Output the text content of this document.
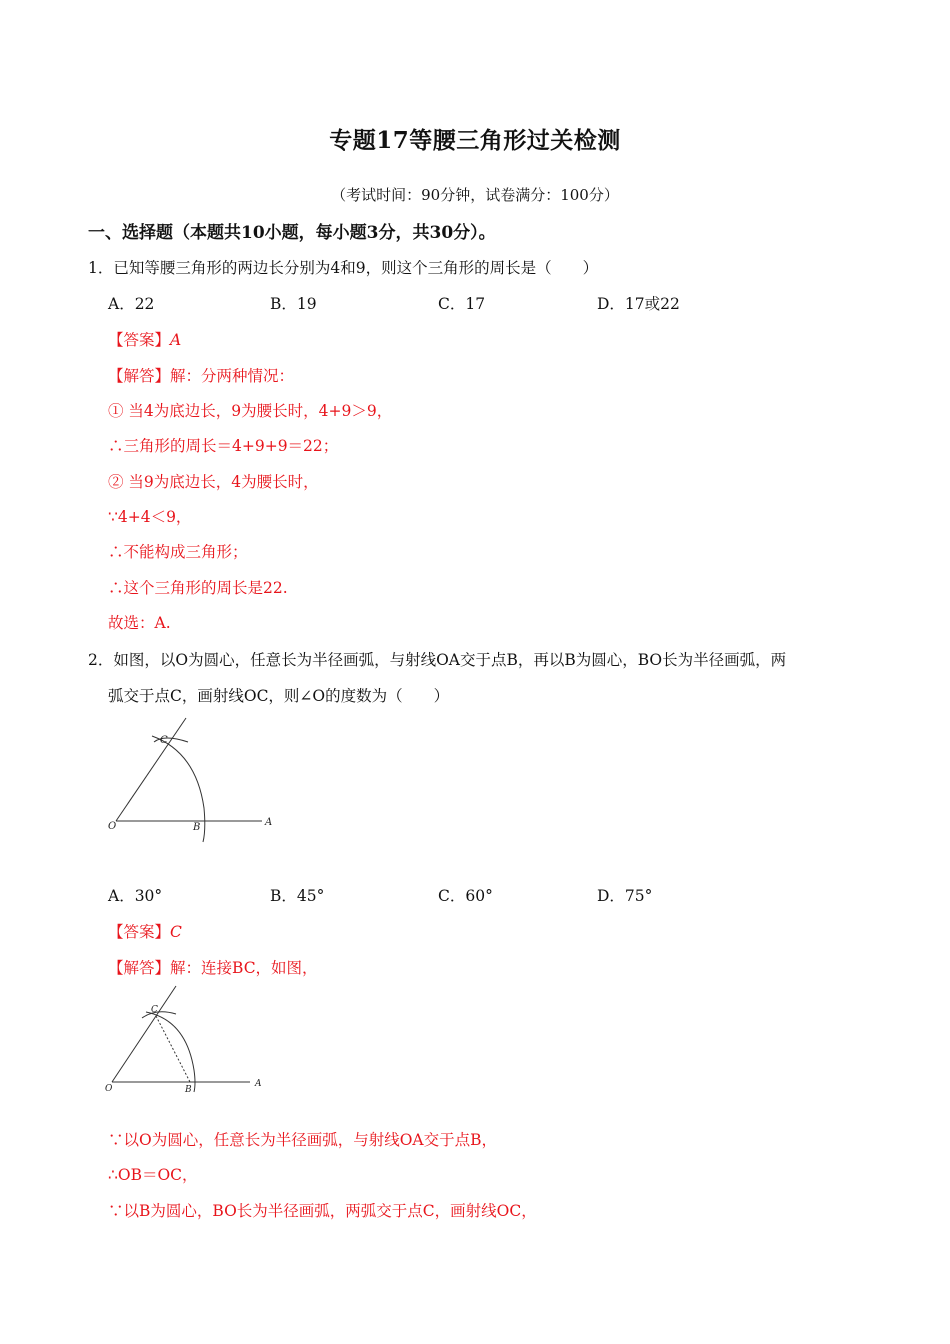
专题17等腰三角形过关检测
（考试时间：90分钟，试卷满分：100分）
一、选择题（本题共10小题，每小题3分，共30分）。
1．已知等腰三角形的两边长分别为4和9，则这个三角形的周长是（　　）
A．22	B．19	C．17	D．17或22
【答案】A
【解答】解：分两种情况：
① 当4为底边长，9为腰长时，4+9＞9，
∴三角形的周长＝4+9+9＝22；
② 当9为底边长，4为腰长时，
∵4+4＜9，
∴不能构成三角形；
∴这个三角形的周长是22.
故选：A.
2．如图，以O为圆心，任意长为半径画弧，与射线OA交于点B，再以B为圆心，BO长为半径画弧，两
弧交于点C，画射线OC，则∠O的度数为（　　）
O	B	A
C
A．30°	B．45°	C．60°	D．75°
【答案】C
【解答】解：连接BC，如图，
O	B
A
C
∵以O为圆心，任意长为半径画弧，与射线OA交于点B，
∴OB＝OC，
∵以B为圆心，BO长为半径画弧，两弧交于点C，画射线OC，
